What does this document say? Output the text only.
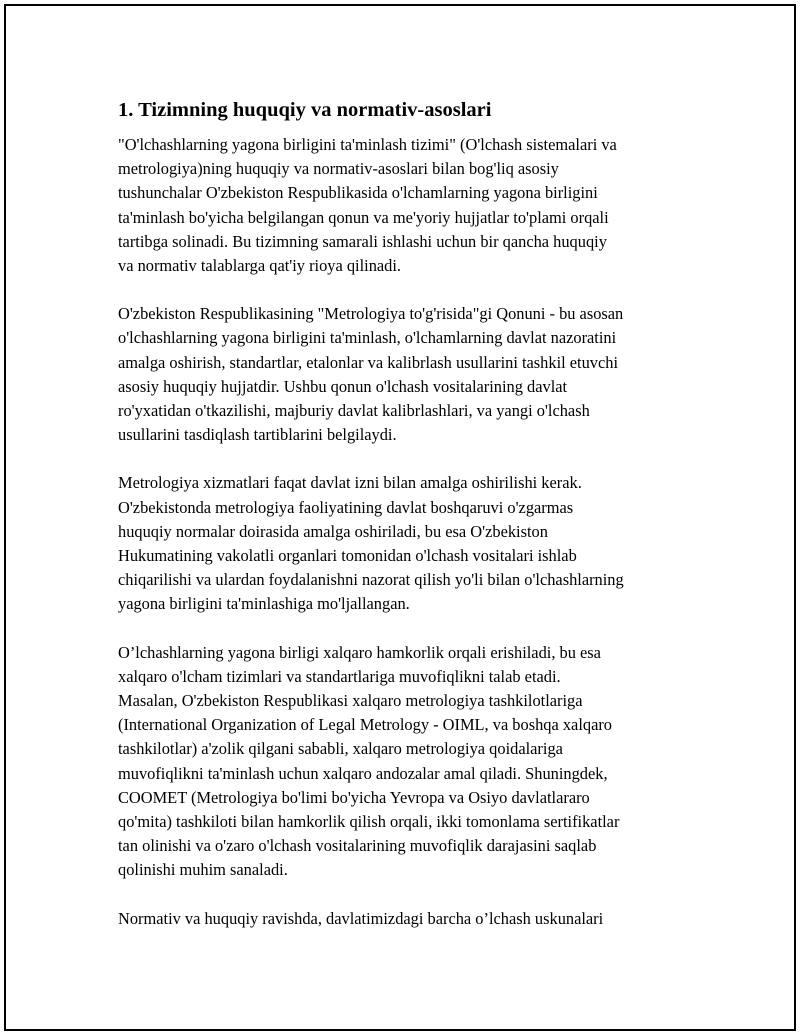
1. Tizimning huquqiy va normativ-asoslari

"O'lchashlarning yagona birligini ta'minlash tizimi" (O'lchash sistemalari va
metrologiya)ning huquqiy va normativ-asoslari bilan bog'liq asosiy
tushunchalar O'zbekiston Respublikasida o'lchamlarning yagona birligini
ta'minlash bo'yicha belgilangan qonun va me'yoriy hujjatlar to'plami orqali
tartibga solinadi. Bu tizimning samarali ishlashi uchun bir qancha huquqiy
va normativ talablarga qat'iy rioya qilinadi.

O'zbekiston Respublikasining "Metrologiya to'g'risida"gi Qonuni - bu asosan
o'lchashlarning yagona birligini ta'minlash, o'lchamlarning davlat nazoratini
amalga oshirish, standartlar, etalonlar va kalibrlash usullarini tashkil etuvchi
asosiy huquqiy hujjatdir. Ushbu qonun o'lchash vositalarining davlat
ro'yxatidan o'tkazilishi, majburiy davlat kalibrlashlari, va yangi o'lchash
usullarini tasdiqlash tartiblarini belgilaydi.

Metrologiya xizmatlari faqat davlat izni bilan amalga oshirilishi kerak.
O'zbekistonda metrologiya faoliyatining davlat boshqaruvi o'zgarmas
huquqiy normalar doirasida amalga oshiriladi, bu esa O'zbekiston
Hukumatining vakolatli organlari tomonidan o'lchash vositalari ishlab
chiqarilishi va ulardan foydalanishni nazorat qilish yo'li bilan o'lchashlarning
yagona birligini ta'minlashiga mo'ljallangan.

O’lchashlarning yagona birligi xalqaro hamkorlik orqali erishiladi, bu esa
xalqaro o'lcham tizimlari va standartlariga muvofiqlikni talab etadi.
Masalan, O'zbekiston Respublikasi xalqaro metrologiya tashkilotlariga
(International Organization of Legal Metrology - OIML, va boshqa xalqaro
tashkilotlar) a'zolik qilgani sababli, xalqaro metrologiya qoidalariga
muvofiqlikni ta'minlash uchun xalqaro andozalar amal qiladi. Shuningdek,
COOMET (Metrologiya bo'limi bo'yicha Yevropa va Osiyo davlatlararo
qo'mita) tashkiloti bilan hamkorlik qilish orqali, ikki tomonlama sertifikatlar
tan olinishi va o'zaro o'lchash vositalarining muvofiqlik darajasini saqlab
qolinishi muhim sanaladi.

Normativ va huquqiy ravishda, davlatimizdagi barcha o’lchash uskunalari
